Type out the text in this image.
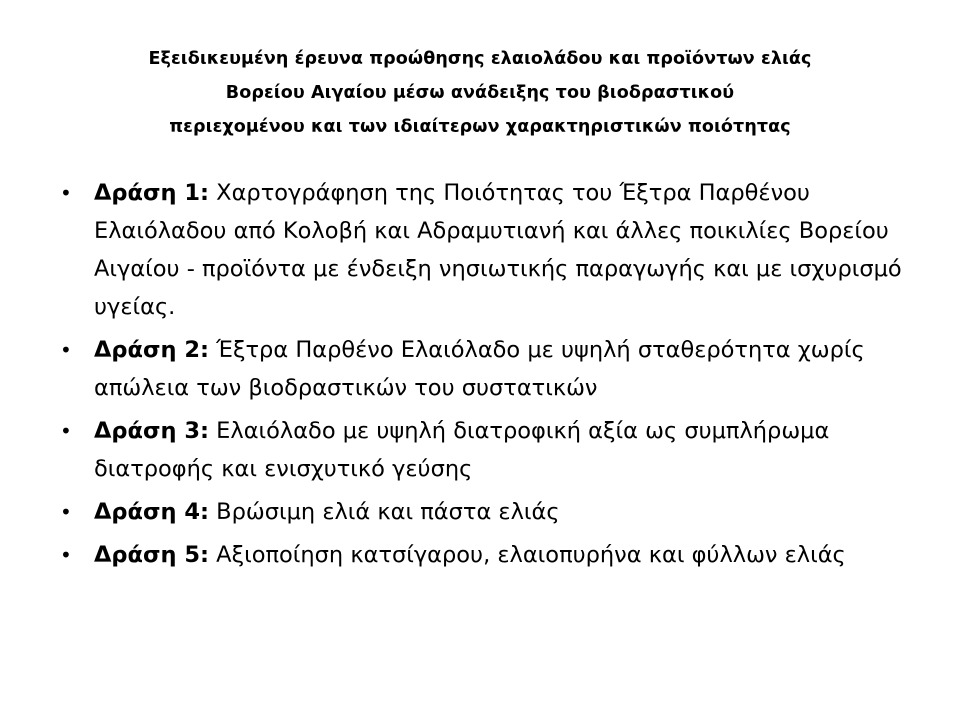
Εξειδικευμένη έρευνα προώθησης ελαιολάδου και προϊόντων ελιάς
Βορείου Αιγαίου μέσω ανάδειξης του βιοδραστικού
περιεχομένου και των ιδιαίτερων χαρακτηριστικών ποιότητας
• Δράση 1: Χαρτογράφηση της Ποιότητας του Έξτρα Παρθένου Ελαιόλαδου από Κολοβή και Αδραμυτιανή και άλλες ποικιλίες Βορείου Αιγαίου - προϊόντα με ένδειξη νησιωτικής παραγωγής και με ισχυρισμό υγείας.
• Δράση 2: Έξτρα Παρθένο Ελαιόλαδο με υψηλή σταθερότητα χωρίς απώλεια των βιοδραστικών του συστατικών
• Δράση 3: Ελαιόλαδο με υψηλή διατροφική αξία ως συμπλήρωμα διατροφής και ενισχυτικό γεύσης
• Δράση 4: Βρώσιμη ελιά και πάστα ελιάς
• Δράση 5: Αξιοποίηση κατσίγαρου, ελαιοπυρήνα και φύλλων ελιάς
